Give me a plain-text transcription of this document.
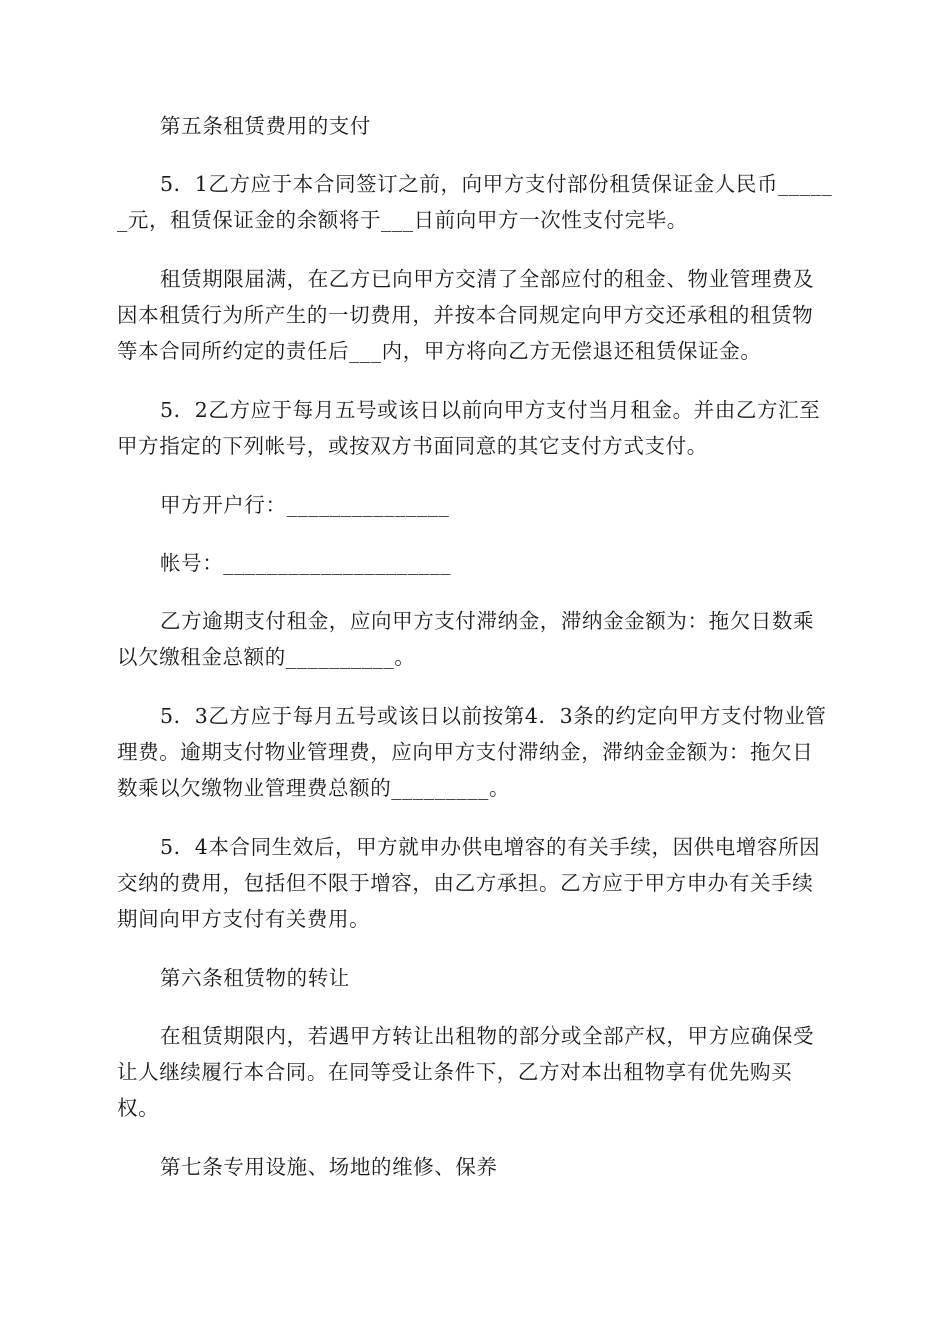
第五条租赁费用的支付

5．1乙方应于本合同签订之前，向甲方支付部份租赁保证金人民币______元，租赁保证金的余额将于___日前向甲方一次性支付完毕。

租赁期限届满，在乙方已向甲方交清了全部应付的租金、物业管理费及因本租赁行为所产生的一切费用，并按本合同规定向甲方交还承租的租赁物等本合同所约定的责任后___内，甲方将向乙方无偿退还租赁保证金。

5．2乙方应于每月五号或该日以前向甲方支付当月租金。并由乙方汇至甲方指定的下列帐号，或按双方书面同意的其它支付方式支付。

甲方开户行：_______________

帐号：_____________________

乙方逾期支付租金，应向甲方支付滞纳金，滞纳金金额为：拖欠日数乘以欠缴租金总额的__________。

5．3乙方应于每月五号或该日以前按第4．3条的约定向甲方支付物业管理费。逾期支付物业管理费，应向甲方支付滞纳金，滞纳金金额为：拖欠日数乘以欠缴物业管理费总额的_________。

5．4本合同生效后，甲方就申办供电增容的有关手续，因供电增容所因交纳的费用，包括但不限于增容，由乙方承担。乙方应于甲方申办有关手续期间向甲方支付有关费用。

第六条租赁物的转让

在租赁期限内，若遇甲方转让出租物的部分或全部产权，甲方应确保受让人继续履行本合同。在同等受让条件下，乙方对本出租物享有优先购买权。

第七条专用设施、场地的维修、保养
